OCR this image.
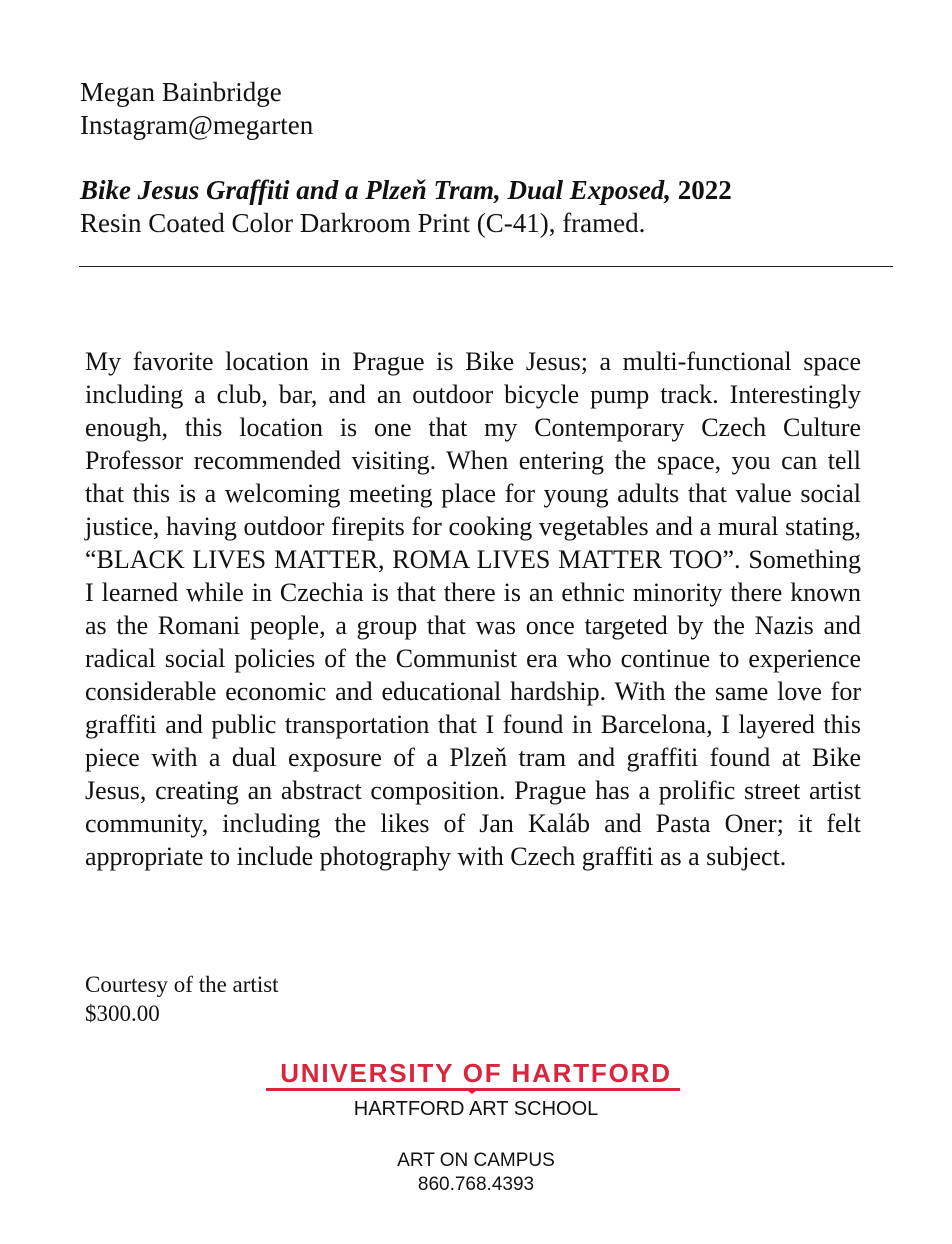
Megan Bainbridge
Instagram@megarten
Bike Jesus Graffiti and a Plzeň Tram, Dual Exposed, 2022
Resin Coated Color Darkroom Print (C-41), framed.

My favorite location in Prague is Bike Jesus; a multi-functional space including a club, bar, and an outdoor bicycle pump track. Interestingly enough, this location is one that my Contemporary Czech Culture Professor recommended visiting. When entering the space, you can tell that this is a welcoming meeting place for young adults that value social justice, having outdoor firepits for cooking vegetables and a mural stating, “BLACK LIVES MATTER, ROMA LIVES MATTER TOO”. Something I learned while in Czechia is that there is an ethnic minority there known as the Romani people, a group that was once targeted by the Nazis and radical social policies of the Communist era who continue to experience considerable economic and educational hardship. With the same love for graffiti and public transportation that I found in Barcelona, I layered this piece with a dual exposure of a Plzeň tram and graffiti found at Bike Jesus, creating an abstract composition. Prague has a prolific street artist community, including the likes of Jan Kaláb and Pasta Oner; it felt appropriate to include photography with Czech graffiti as a subject.

Courtesy of the artist
$300.00
UNIVERSITY OF HARTFORD
HARTFORD ART SCHOOL
ART ON CAMPUS
860.768.4393
